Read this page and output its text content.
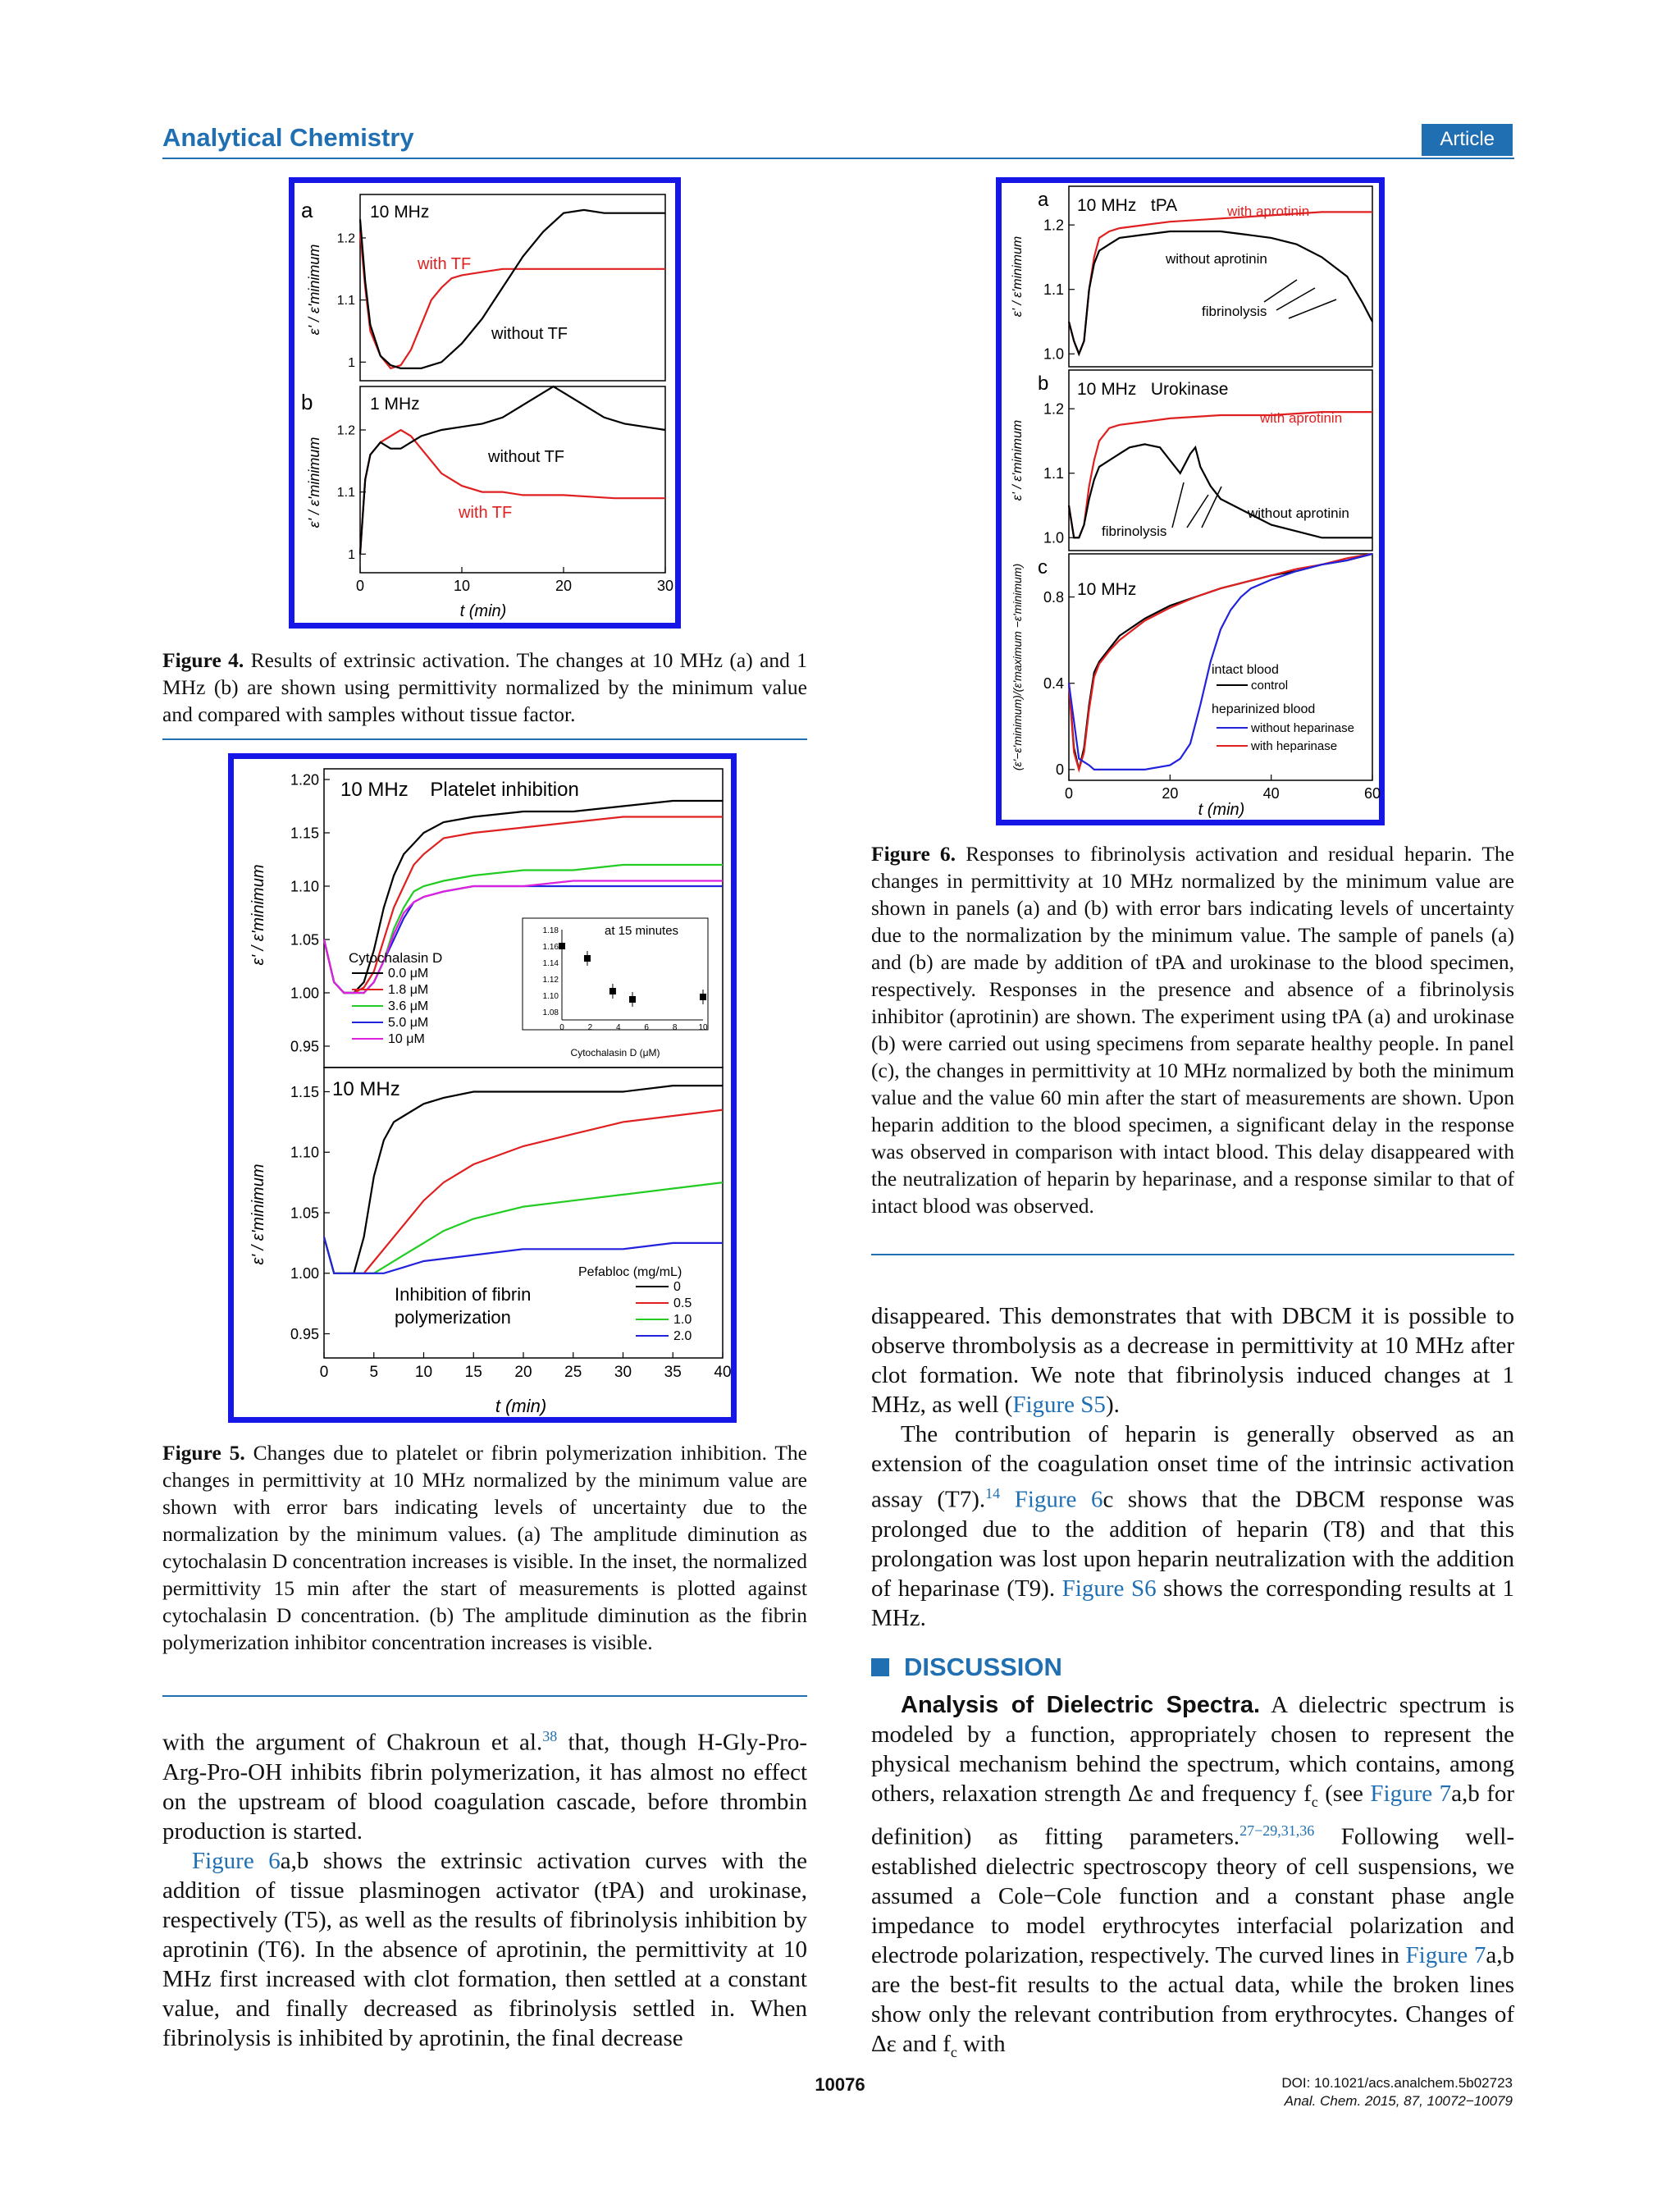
Analytical Chemistry	Article
a
b
10 MHz
1 MHz
with TF
without TF
without TF
with TF
1
1.1
1.2
1
1.1
1.2
0	10	20	30
t (min)
ε' / ε'minimum
ε' / ε'minimum
Figure 4. Results of extrinsic activation. The changes at 10 MHz (a) and 1 MHz (b) are shown using permittivity normalized by the minimum value and compared with samples without tissue factor.
10 MHz    Platelet inhibition
10 MHz
1.20
1.15
1.10
1.05
1.00
0.95
1.15
1.10
1.05
1.00
0.95
0	5 10 15 20 25 30 35 40
t (min)
ε' / ε'minimum
ε' / ε'minimum
Cytochalasin D
0.0 μM
1.8 μM
3.6 μM
5.0 μM
10 μM
at 15 minutes
1.18
1.16
1.14
1.12
1.10
1.08
0	2	4	6	8	10
Cytochalasin D (μM)
Inhibition of fibrin
polymerization
Pefabloc (mg/mL)
0
0.5
1.0
2.0
Figure 5. Changes due to platelet or fibrin polymerization inhibition. The changes in permittivity at 10 MHz normalized by the minimum value are shown with error bars indicating levels of uncertainty due to the normalization by the minimum values. (a) The amplitude diminution as cytochalasin D concentration increases is visible. In the inset, the normalized permittivity 15 min after the start of measurements is plotted against cytochalasin D concentration. (b) The amplitude diminution as the fibrin polymerization inhibitor concentration increases is visible.
a
b
c
10 MHz   tPA
10 MHz   Urokinase
10 MHz
with aprotinin
without aprotinin
fibrinolysis
with aprotinin
without aprotinin
fibrinolysis
1.0
1.1
1.2
1.0
1.1
1.2
0
0.4
0.8
0	20	40	60
t (min)
ε' / ε'minimum
ε' / ε'minimum
(ε'−ε'minimum)/(ε'maximum −ε'minimum)	intact blood
control
heparinized blood
without heparinase
with heparinase
Figure 6. Responses to fibrinolysis activation and residual heparin. The changes in permittivity at 10 MHz normalized by the minimum value are shown in panels (a) and (b) with error bars indicating levels of uncertainty due to the normalization by the minimum value. The sample of panels (a) and (b) are made by addition of tPA and urokinase to the blood specimen, respectively. Responses in the presence and absence of a fibrinolysis inhibitor (aprotinin) are shown. The experiment using tPA (a) and urokinase (b) were carried out using specimens from separate healthy people. In panel (c), the changes in permittivity at 10 MHz normalized by both the minimum value and the value 60 min after the start of measurements are shown. Upon heparin addition to the blood specimen, a significant delay in the response was observed in comparison with intact blood. This delay disappeared with the neutralization of heparin by heparinase, and a response similar to that of intact blood was observed.

with the argument of Chakroun et al.$^{38}$ that, though H-Gly-Pro-Arg-Pro-OH inhibits fibrin polymerization, it has almost no effect on the upstream of blood coagulation cascade, before thrombin production is started.

Figure 6a,b shows the extrinsic activation curves with the addition of tissue plasminogen activator (tPA) and urokinase, respectively (T5), as well as the results of fibrinolysis inhibition by aprotinin (T6). In the absence of aprotinin, the permittivity at 10 MHz first increased with clot formation, then settled at a constant value, and finally decreased as fibrinolysis settled in. When fibrinolysis is inhibited by aprotinin, the final decrease

disappeared. This demonstrates that with DBCM it is possible to observe thrombolysis as a decrease in permittivity at 10 MHz after clot formation. We note that fibrinolysis induced changes at 1 MHz, as well (Figure S5).

The contribution of heparin is generally observed as an extension of the coagulation onset time of the intrinsic activation assay (T7).$^{14}$ Figure 6c shows that the DBCM response was prolonged due to the addition of heparin (T8) and that this prolongation was lost upon heparin neutralization with the addition of heparinase (T9). Figure S6 shows the corresponding results at 1 MHz.

DISCUSSION

Analysis of Dielectric Spectra. A dielectric spectrum is modeled by a function, appropriately chosen to represent the physical mechanism behind the spectrum, which contains, among others, relaxation strength Δε and frequency $f_c$ (see Figure 7a,b for definition) as fitting parameters.$^{27-29,31,36}$ Following well-established dielectric spectroscopy theory of cell suspensions, we assumed a Cole−Cole function and a constant phase angle impedance to model erythrocytes interfacial polarization and electrode polarization, respectively. The curved lines in Figure 7a,b are the best-fit results to the actual data, while the broken lines show only the relevant contribution from erythrocytes. Changes of Δε and $f_c$ with

10076	DOI: 10.1021/acs.analchem.5b02723
Anal. Chem. 2015, 87, 10072−10079
